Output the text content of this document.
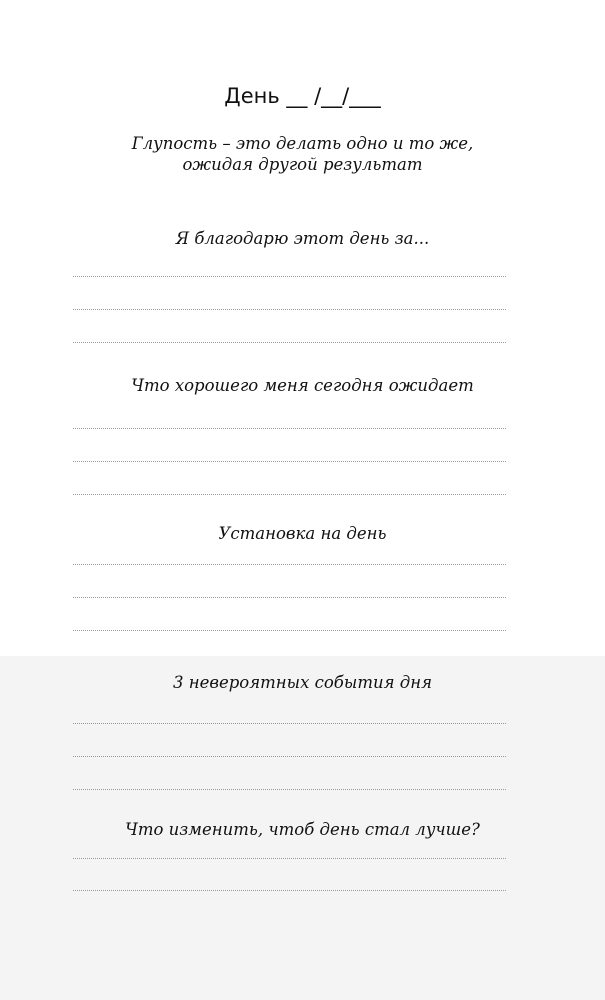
День __ /__/___
Глупость – это делать одно и то же,
ожидая другой результат
Я благодарю этот день за...
Что хорошего меня сегодня ожидает
Установка на день
3 невероятных события дня
Что изменить, чтоб день стал лучше?
